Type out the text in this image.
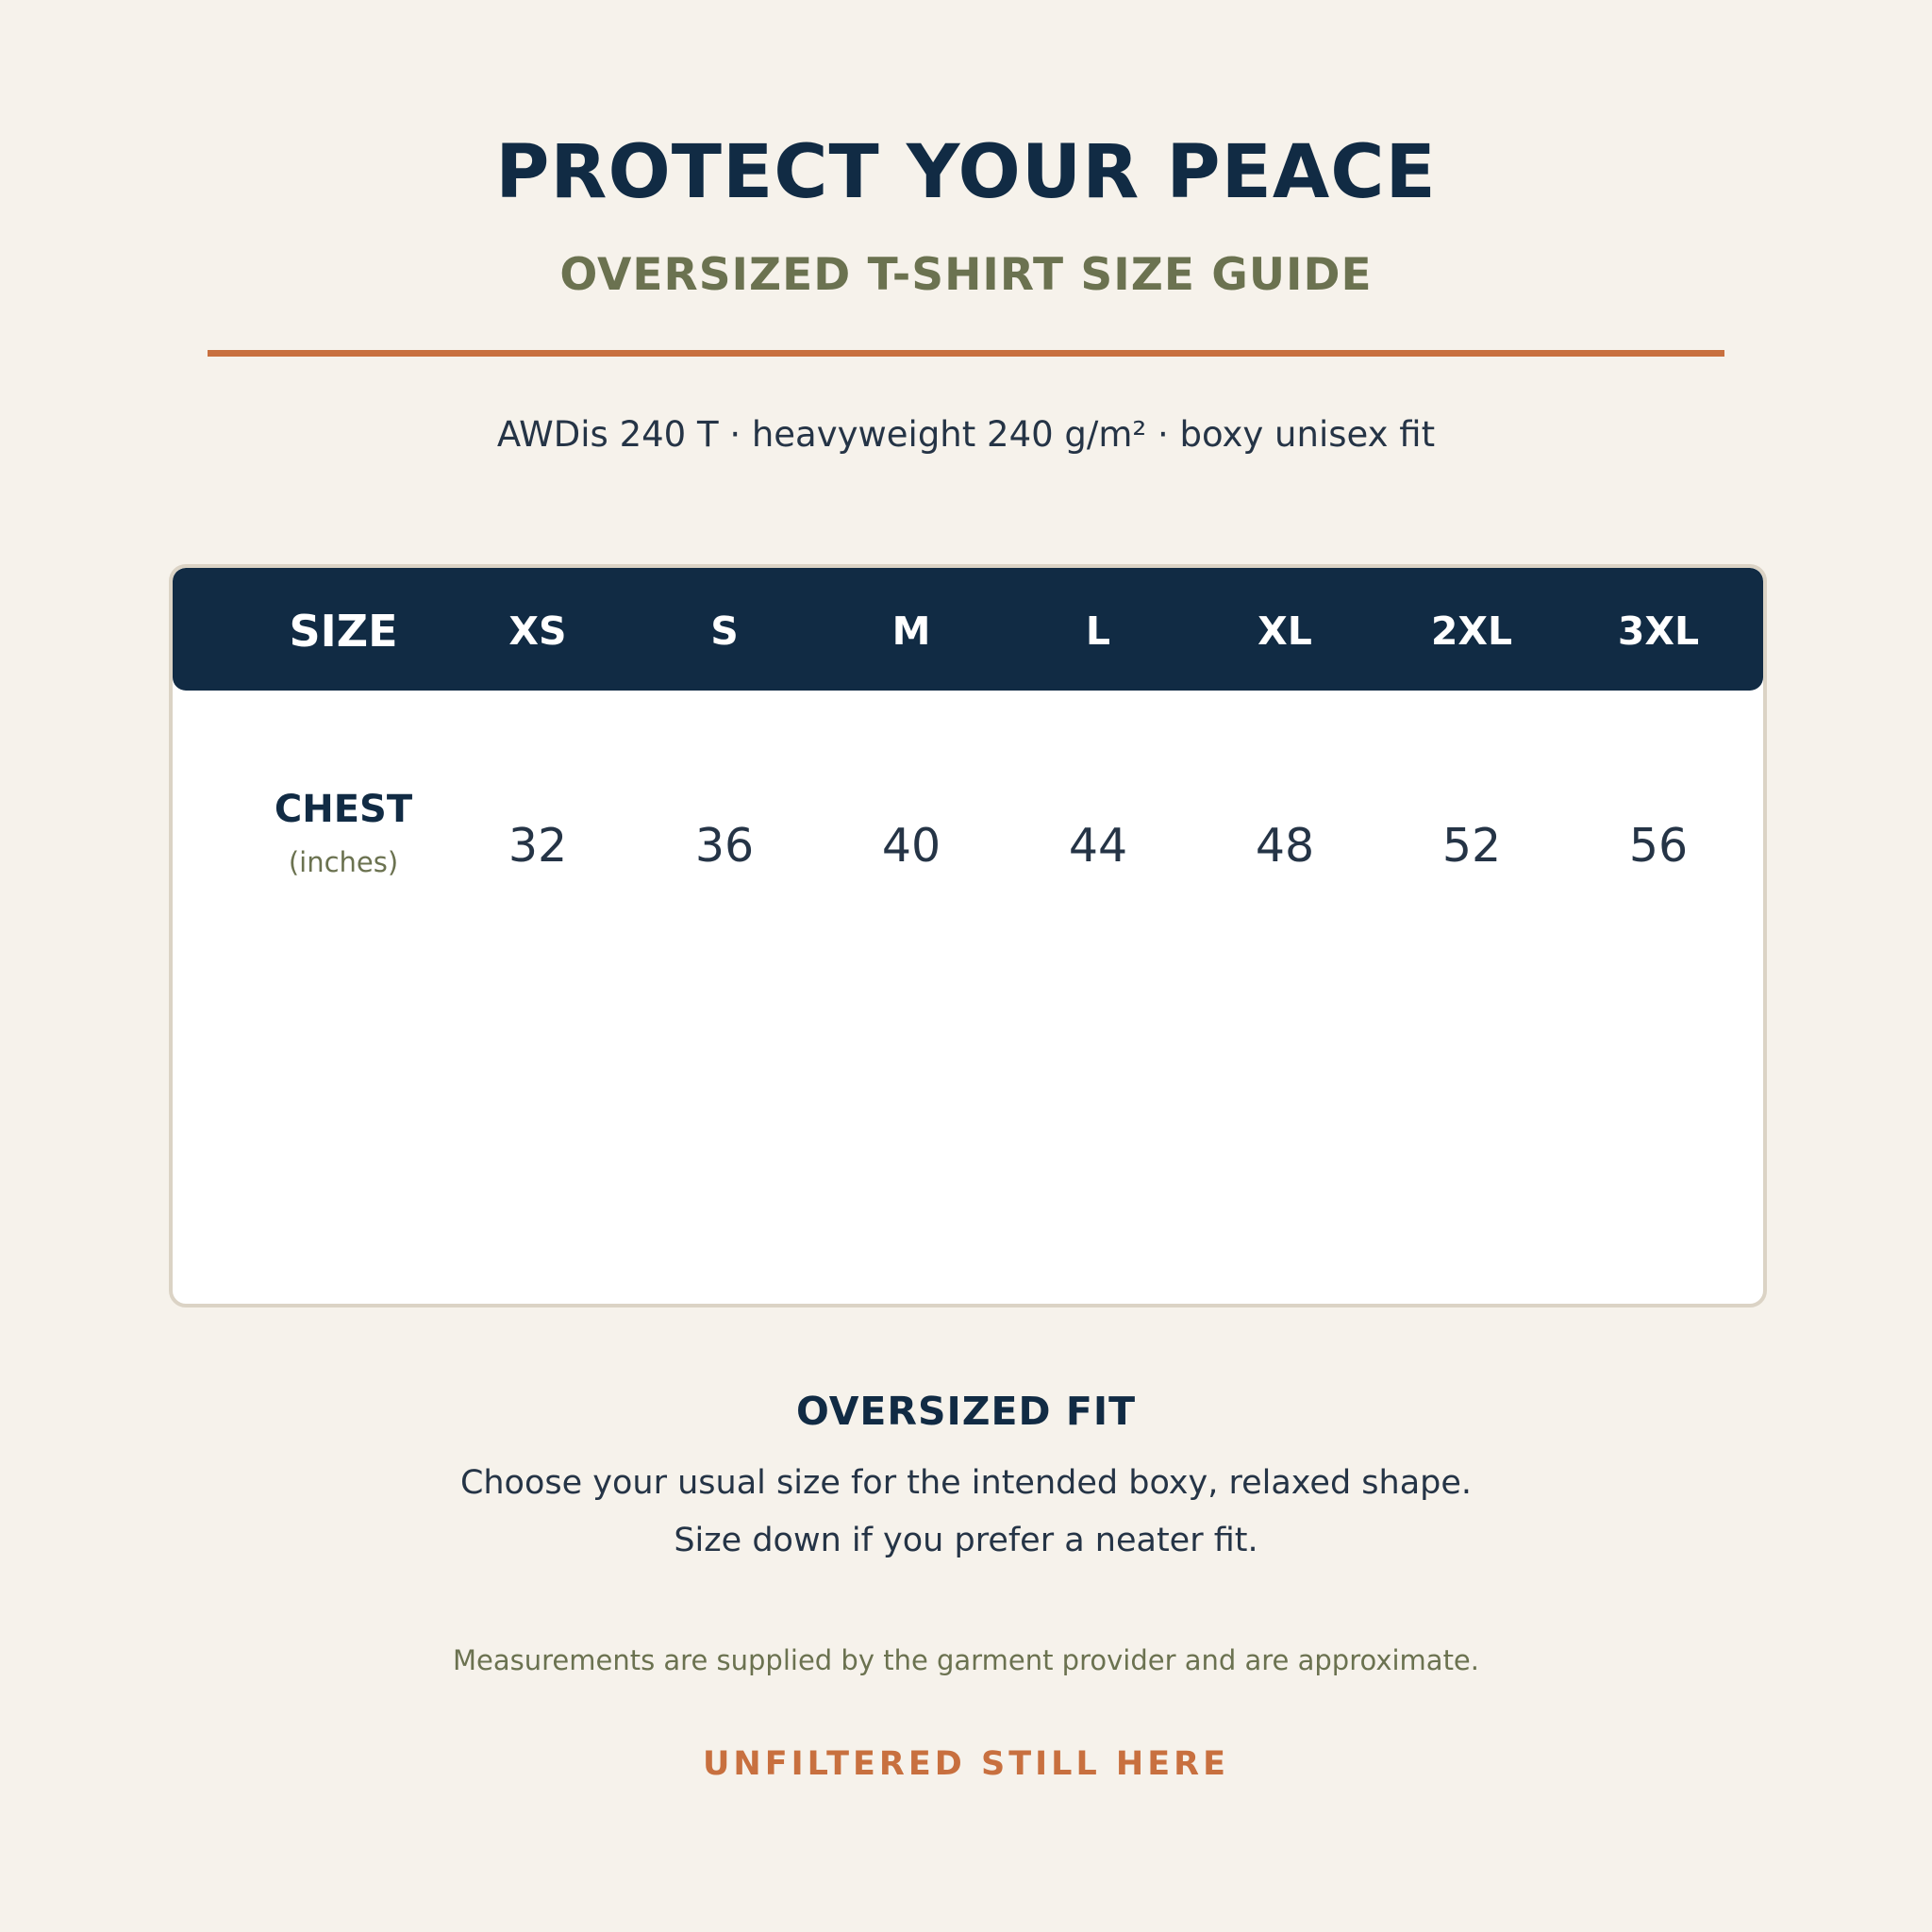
PROTECT YOUR PEACE
OVERSIZED T-SHIRT SIZE GUIDE
AWDis 240 T · heavyweight 240 g/m² · boxy unisex fit
SIZE	XS	S	M	L	XL	2XL	3XL
CHEST
(inches)	32	36	40	44	48	52	56
OVERSIZED FIT
Choose your usual size for the intended boxy, relaxed shape.
Size down if you prefer a neater fit.
Measurements are supplied by the garment provider and are approximate.
UNFILTERED STILL HERE
